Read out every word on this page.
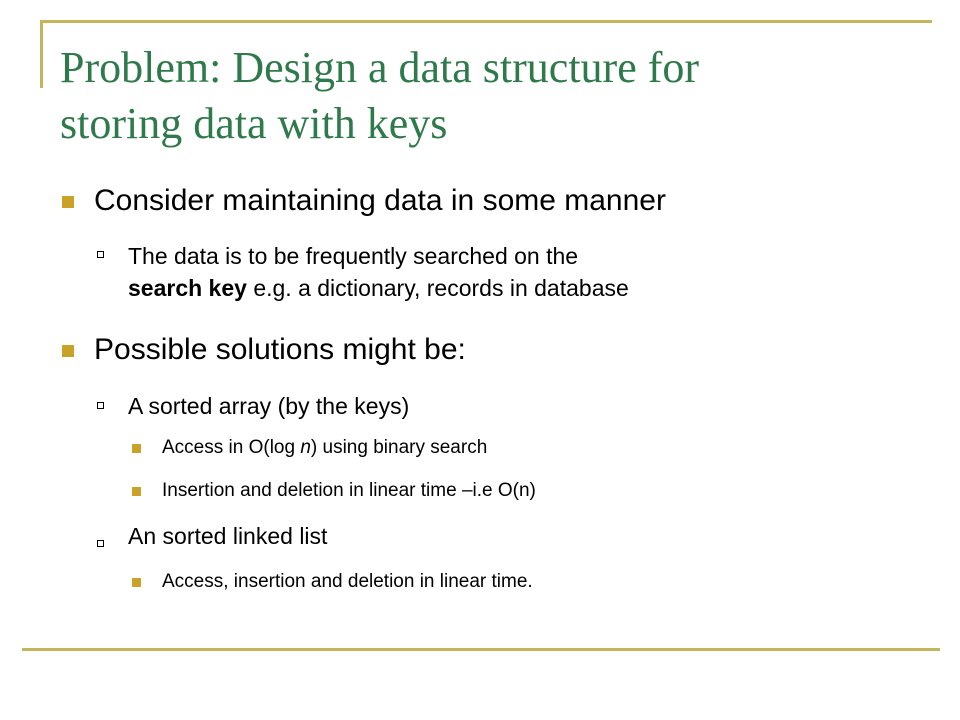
Problem: Design a data structure for
storing data with keys
Consider maintaining data in some manner
The data is to be frequently searched on the
search key e.g. a dictionary, records in database
Possible solutions might be:
A sorted array (by the keys)
Access in O(log n) using binary search
Insertion and deletion in linear time –i.e O(n)
An sorted linked list
Access, insertion and deletion in linear time.
